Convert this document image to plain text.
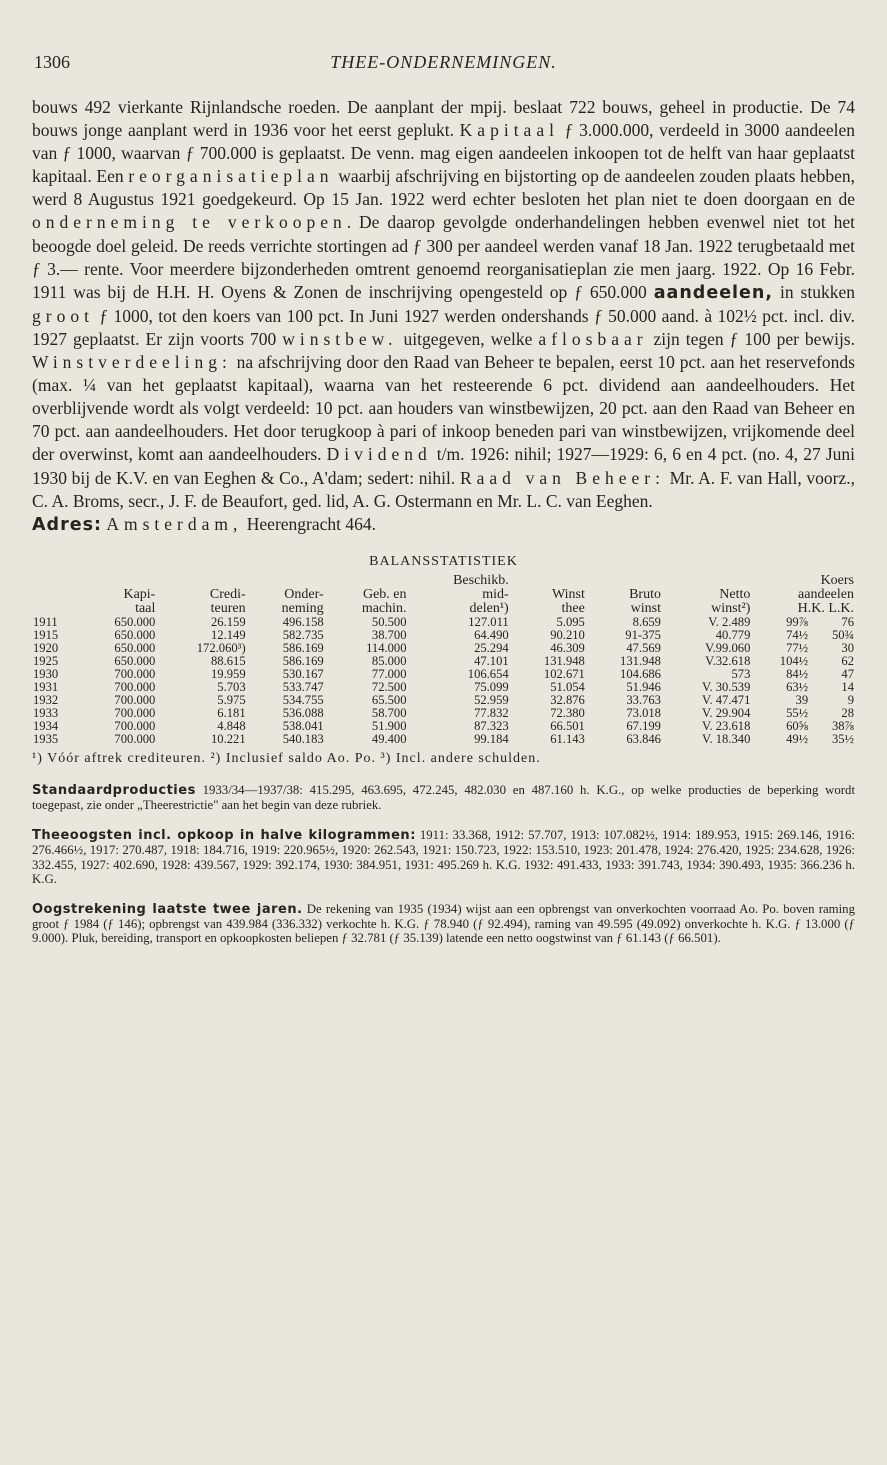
1306	THEE-ONDERNEMINGEN.
bouws 492 vierkante Rijnlandsche roeden. De aanplant der mpij. beslaat 722 bouws, geheel in productie. De 74 bouws jonge aanplant werd in 1936 voor het eerst geplukt. Kapitaal ƒ 3.000.000, verdeeld in 3000 aandeelen van ƒ 1000, waarvan ƒ 700.000 is geplaatst. De venn. mag eigen aandeelen inkoopen tot de helft van haar geplaatst kapitaal. Een reorganisatieplan waarbij afschrijving en bijstorting op de aandeelen zouden plaats hebben, werd 8 Augustus 1921 goedgekeurd. Op 15 Jan. 1922 werd echter besloten het plan niet te doen doorgaan en de onderneming te verkoopen. De daarop gevolgde onderhandelingen hebben evenwel niet tot het beoogde doel geleid. De reeds verrichte stortingen ad ƒ 300 per aandeel werden vanaf 18 Jan. 1922 terugbetaald met ƒ 3.— rente. Voor meerdere bijzonderheden omtrent genoemd reorganisatieplan zie men jaarg. 1922. Op 16 Febr. 1911 was bij de H.H. H. Oyens & Zonen de inschrijving opengesteld op ƒ 650.000 aandeelen, in stukken groot ƒ 1000, tot den koers van 100 pct. In Juni 1927 werden ondershands ƒ 50.000 aand. à 102½ pct. incl. div. 1927 geplaatst. Er zijn voorts 700 winstbew. uitgegeven, welke aflosbaar zijn tegen ƒ 100 per bewijs. Winstverdeeling: na afschrijving door den Raad van Beheer te bepalen, eerst 10 pct. aan het reservefonds (max. ¼ van het geplaatst kapitaal), waarna van het resteerende 6 pct. dividend aan aandeelhouders. Het overblijvende wordt als volgt verdeeld: 10 pct. aan houders van winstbewijzen, 20 pct. aan den Raad van Beheer en 70 pct. aan aandeelhouders. Het door terugkoop à pari of inkoop beneden pari van winstbewijzen, vrijkomende deel der overwinst, komt aan aandeelhouders. Dividend t/m. 1926: nihil; 1927—1929: 6, 6 en 4 pct. (no. 4, 27 Juni 1930 bij de K.V. en van Eeghen & Co., A'dam; sedert: nihil. Raad van Beheer: Mr. A. F. van Hall, voorz., C. A. Broms, secr., J. F. de Beaufort, ged. lid, A. G. Ostermann en Mr. L. C. van Eeghen.
Adres: Amsterdam, Heerengracht 464.
BALANSSTATISTIEK
					Beschikb.				Koers	
	Kapi-	Credi-	Onder-	Geb. en	mid-	Winst	Bruto	Netto	aandeelen	
	taal	teuren	neming	machin.	delen¹)	thee	winst	winst²)	H.K. L.K.	
1911	650.000	26.159	496.158	50.500	127.011	5.095	8.659	V. 2.489	99⅞	76
1915	650.000	12.149	582.735	38.700	64.490	90.210	91-375	40.779	74½	50¾
1920	650.000	172.060³)	586.169	114.000	25.294	46.309	47.569	V.99.060	77½	30
1925	650.000	88.615	586.169	85.000	47.101	131.948	131.948	V.32.618	104½	62
1930	700.000	19.959	530.167	77.000	106.654	102.671	104.686	573	84½	47
1931	700.000	5.703	533.747	72.500	75.099	51.054	51.946	V. 30.539	63½	14
1932	700.000	5.975	534.755	65.500	52.959	32.876	33.763	V. 47.471	39	9
1933	700.000	6.181	536.088	58.700	77.832	72.380	73.018	V. 29.904	55½	28
1934	700.000	4.848	538.041	51.900	87.323	66.501	67.199	V. 23.618	60⅝	38⅞
1935	700.000	10.221	540.183	49.400	99.184	61.143	63.846	V. 18.340	49½	35½
¹) Vóór aftrek crediteuren. ²) Inclusief saldo Ao. Po. ³) Incl. andere schulden.
Standaardproducties 1933/34—1937/38: 415.295, 463.695, 472.245, 482.030 en 487.160 h. K.G., op welke producties de beperking wordt toegepast, zie onder „Theerestrictie" aan het begin van deze rubriek.
Theeoogsten incl. opkoop in halve kilogrammen: 1911: 33.368, 1912: 57.707, 1913: 107.082½, 1914: 189.953, 1915: 269.146, 1916: 276.466½, 1917: 270.487, 1918: 184.716, 1919: 220.965½, 1920: 262.543, 1921: 150.723, 1922: 153.510, 1923: 201.478, 1924: 276.420, 1925: 234.628, 1926: 332.455, 1927: 402.690, 1928: 439.567, 1929: 392.174, 1930: 384.951, 1931: 495.269 h. K.G. 1932: 491.433, 1933: 391.743, 1934: 390.493, 1935: 366.236 h. K.G.
Oogstrekening laatste twee jaren. De rekening van 1935 (1934) wijst aan een opbrengst van onverkochten voorraad Ao. Po. boven raming groot ƒ 1984 (ƒ 146); opbrengst van 439.984 (336.332) verkochte h. K.G. ƒ 78.940 (ƒ 92.494), raming van 49.595 (49.092) onverkochte h. K.G. ƒ 13.000 (ƒ 9.000). Pluk, bereiding, transport en opkoopkosten beliepen ƒ 32.781 (ƒ 35.139) latende een netto oogstwinst van ƒ 61.143 (ƒ 66.501).
